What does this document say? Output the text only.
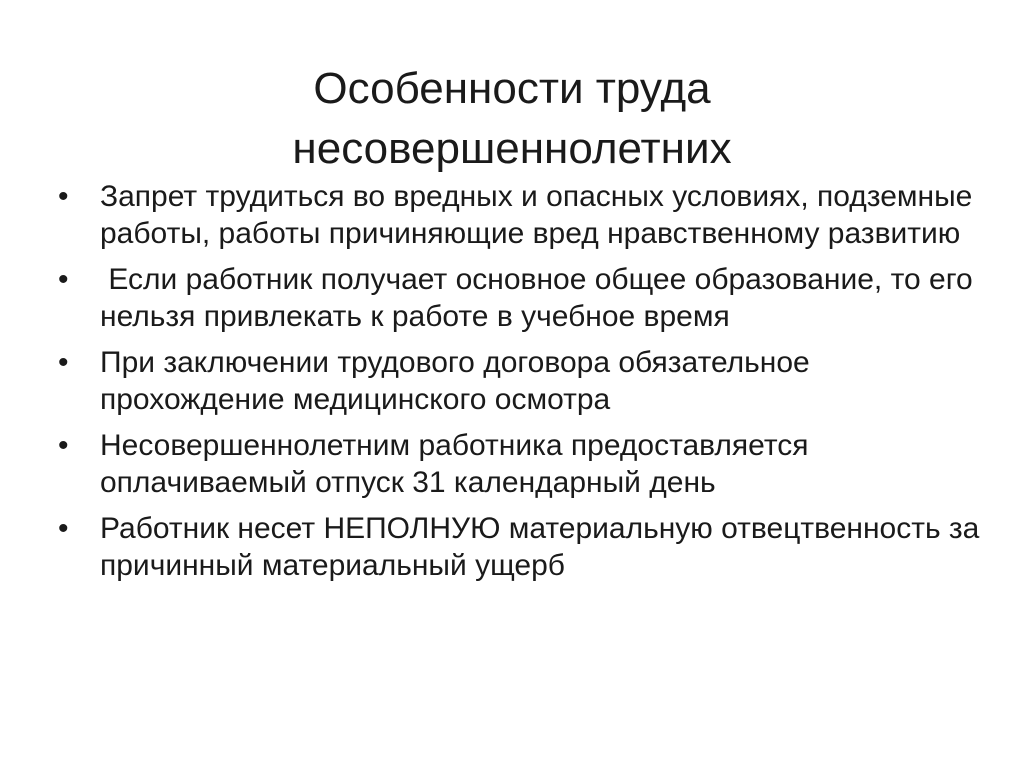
Особенности труда
несовершеннолетних
•	Запрет трудиться во вредных и опасных условиях, подземные работы, работы причиняющие вред нравственному развитию
•	Если работник получает основное общее образование, то его нельзя привлекать к работе в учебное время
•	При заключении трудового договора обязательное прохождение медицинского осмотра
•	Несовершеннолетним работника предоставляется оплачиваемый отпуск 31 календарный день
•	Работник несет НЕПОЛНУЮ материальную отвецтвенность за причинный материальный ущерб
